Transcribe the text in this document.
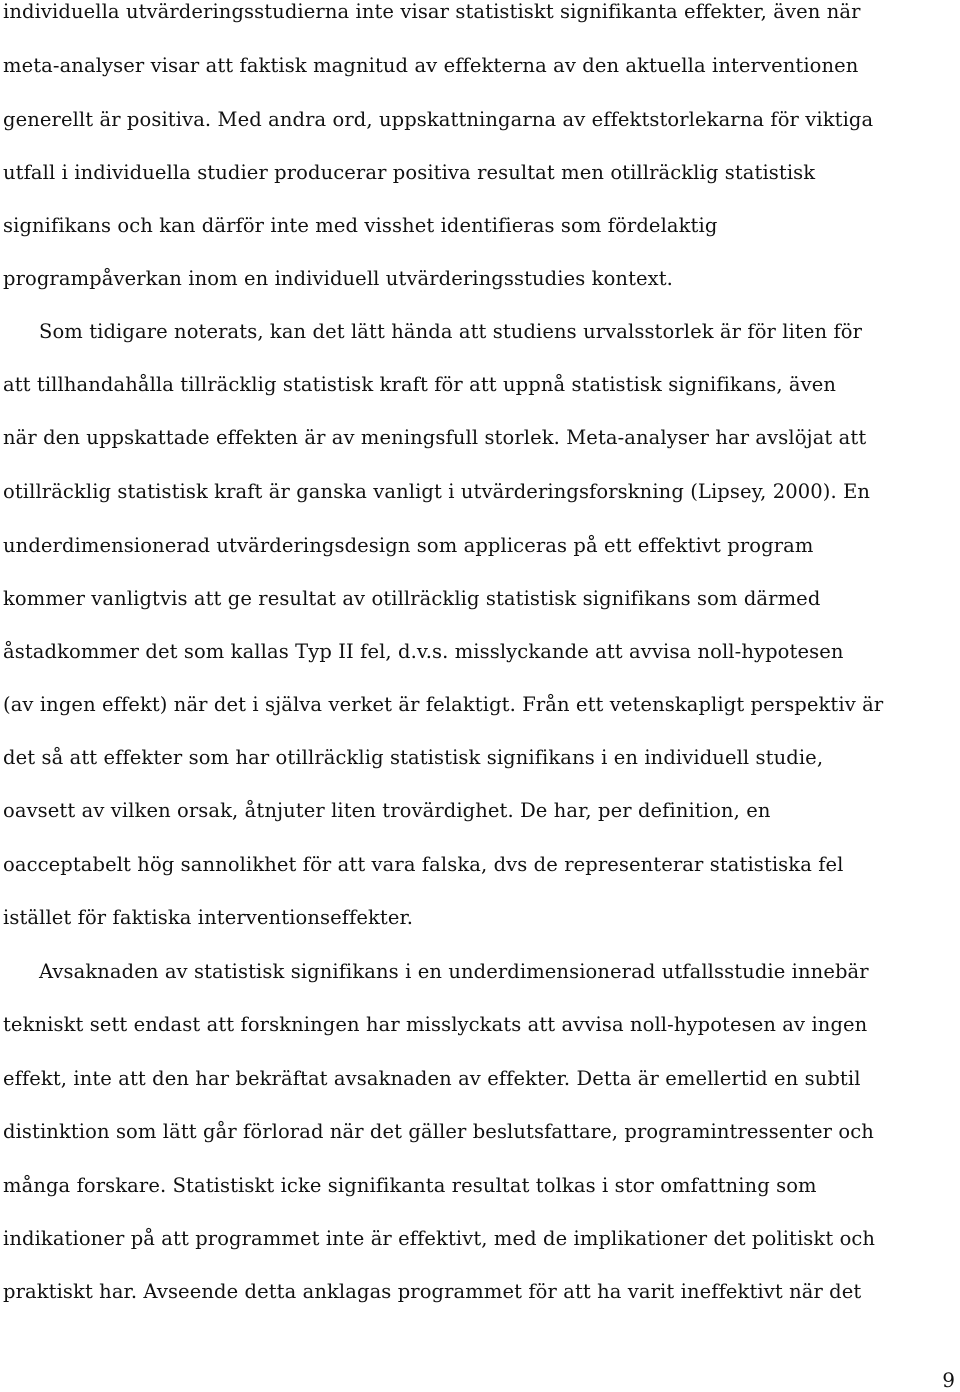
individuella utvärderingsstudierna inte visar statistiskt signifikanta effekter, även när
meta-analyser visar att faktisk magnitud av effekterna av den aktuella interventionen
generellt är positiva. Med andra ord, uppskattningarna av effektstorlekarna för viktiga
utfall i individuella studier producerar positiva resultat men otillräcklig statistisk
signifikans och kan därför inte med visshet identifieras som fördelaktig
programpåverkan inom en individuell utvärderingsstudies kontext.
Som tidigare noterats, kan det lätt hända att studiens urvalsstorlek är för liten för
att tillhandahålla tillräcklig statistisk kraft för att uppnå statistisk signifikans, även
när den uppskattade effekten är av meningsfull storlek. Meta-analyser har avslöjat att
otillräcklig statistisk kraft är ganska vanligt i utvärderingsforskning (Lipsey, 2000). En
underdimensionerad utvärderingsdesign som appliceras på ett effektivt program
kommer vanligtvis att ge resultat av otillräcklig statistisk signifikans som därmed
åstadkommer det som kallas Typ II fel, d.v.s. misslyckande att avvisa noll-hypotesen
(av ingen effekt) när det i själva verket är felaktigt. Från ett vetenskapligt perspektiv är
det så att effekter som har otillräcklig statistisk signifikans i en individuell studie,
oavsett av vilken orsak, åtnjuter liten trovärdighet. De har, per definition, en
oacceptabelt hög sannolikhet för att vara falska, dvs de representerar statistiska fel
istället för faktiska interventionseffekter.
Avsaknaden av statistisk signifikans i en underdimensionerad utfallsstudie innebär
tekniskt sett endast att forskningen har misslyckats att avvisa noll-hypotesen av ingen
effekt, inte att den har bekräftat avsaknaden av effekter. Detta är emellertid en subtil
distinktion som lätt går förlorad när det gäller beslutsfattare, programintressenter och
många forskare. Statistiskt icke signifikanta resultat tolkas i stor omfattning som
indikationer på att programmet inte är effektivt, med de implikationer det politiskt och
praktiskt har. Avseende detta anklagas programmet för att ha varit ineffektivt när det
9
